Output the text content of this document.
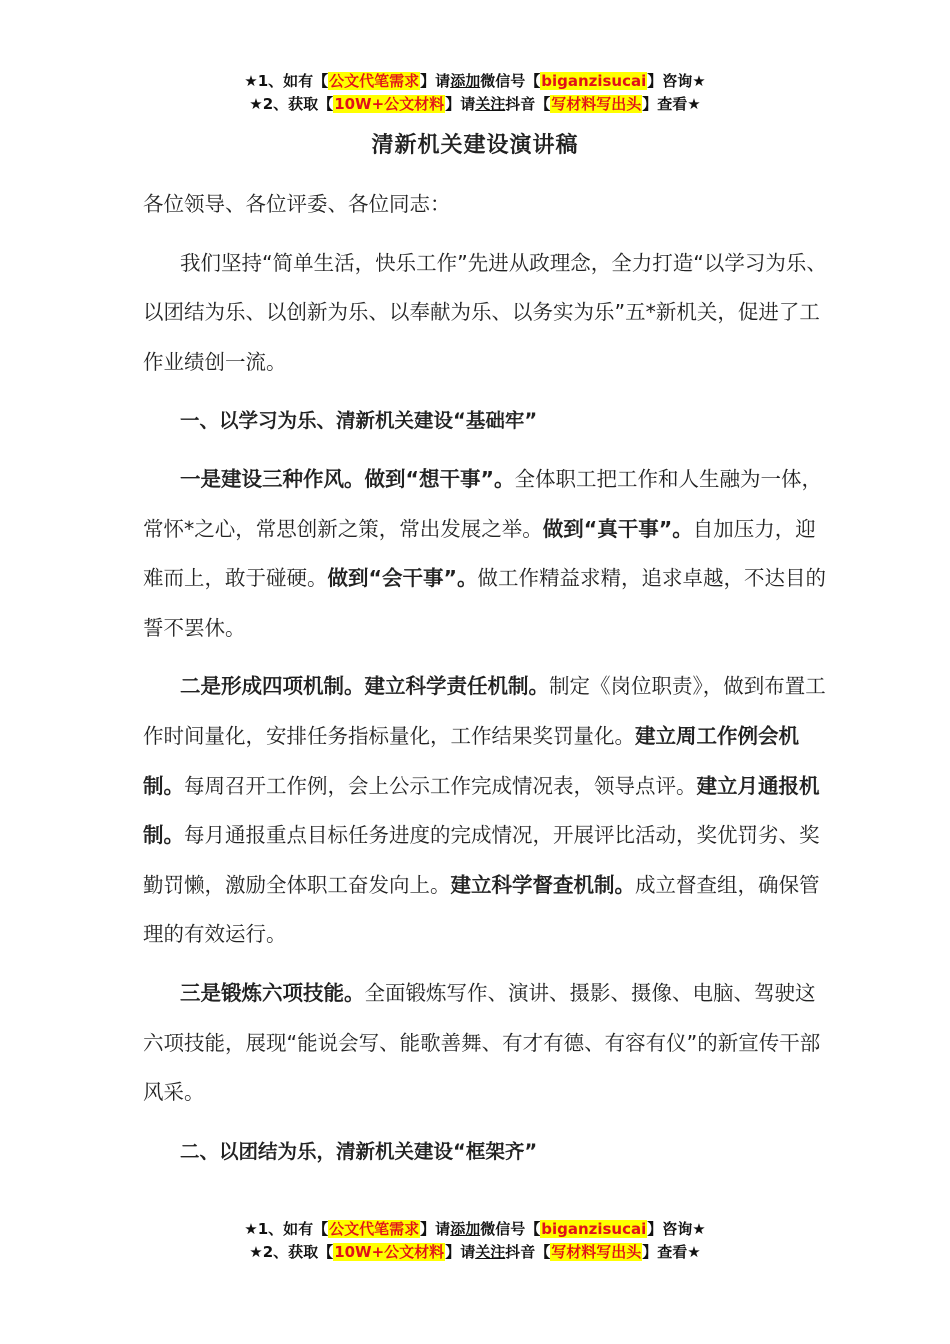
★1、如有【公文代笔需求】请添加微信号【biganzisucai】咨询★
★2、获取【10W+公文材料】请关注抖音【写材料写出头】查看★
清新机关建设演讲稿

各位领导、各位评委、各位同志：

我们坚持“简单生活，快乐工作”先进从政理念，全力打造“以学习为乐、以团结为乐、以创新为乐、以奉献为乐、以务实为乐”五*新机关，促进了工作业绩创一流。

一、以学习为乐、清新机关建设“基础牢”

一是建设三种作风。做到“想干事”。全体职工把工作和人生融为一体，常怀*之心，常思创新之策，常出发展之举。做到“真干事”。自加压力，迎难而上，敢于碰硬。做到“会干事”。做工作精益求精，追求卓越，不达目的誓不罢休。

二是形成四项机制。建立科学责任机制。制定《岗位职责》，做到布置工作时间量化，安排任务指标量化，工作结果奖罚量化。建立周工作例会机制。每周召开工作例，会上公示工作完成情况表，领导点评。建立月通报机制。每月通报重点目标任务进度的完成情况，开展评比活动，奖优罚劣、奖勤罚懒，激励全体职工奋发向上。建立科学督查机制。成立督查组，确保管理的有效运行。

三是锻炼六项技能。全面锻炼写作、演讲、摄影、摄像、电脑、驾驶这六项技能，展现“能说会写、能歌善舞、有才有德、有容有仪”的新宣传干部风采。

二、以团结为乐，清新机关建设“框架齐”

★1、如有【公文代笔需求】请添加微信号【biganzisucai】咨询★
★2、获取【10W+公文材料】请关注抖音【写材料写出头】查看★
